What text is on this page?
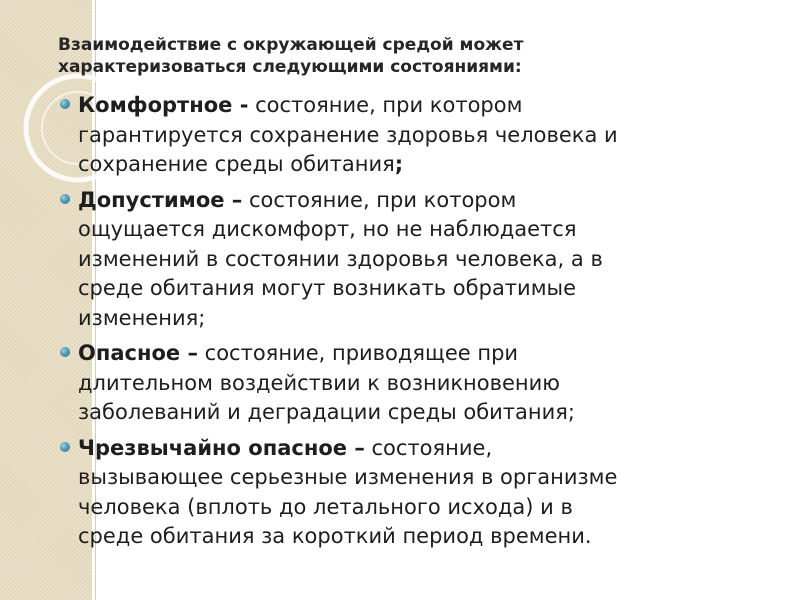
Взаимодействие с окружающей средой может
характеризоваться следующими состояниями:
Комфортное - состояние, при котором
гарантируется сохранение здоровья человека и
сохранение среды обитания;
Допустимое – состояние, при котором
ощущается дискомфорт, но не наблюдается
изменений в состоянии здоровья человека, а в
среде обитания могут возникать обратимые
изменения;
Опасное – состояние, приводящее при
длительном воздействии к возникновению
заболеваний и деградации среды обитания;
Чрезвычайно опасное – состояние,
вызывающее серьезные изменения в организме
человека (вплоть до летального исхода) и в
среде обитания за короткий период времени.
